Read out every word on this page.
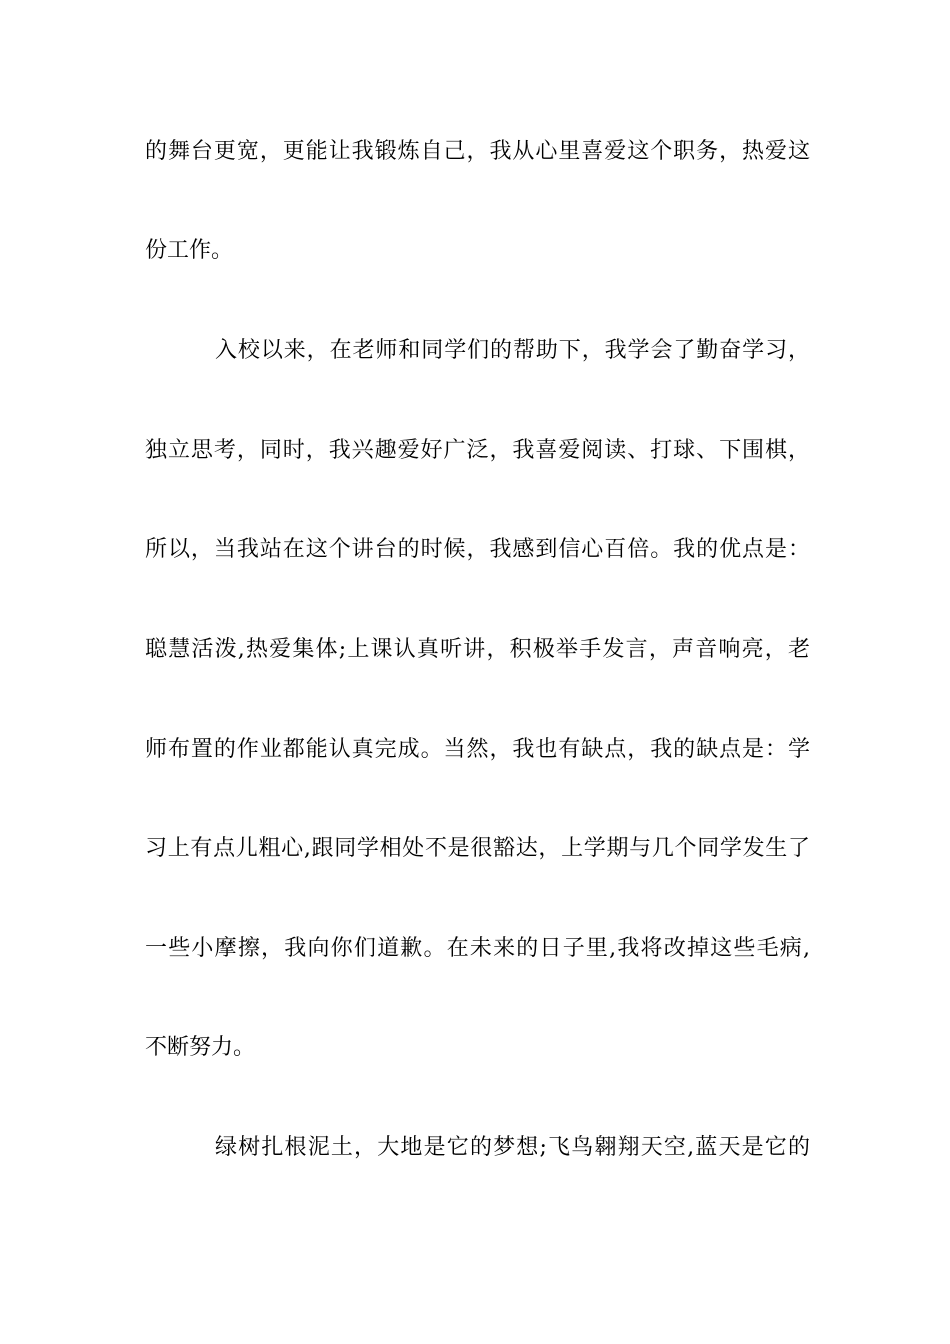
的舞台更宽，更能让我锻炼自己，我从心里喜爱这个职务，热爱这
份工作。
入校以来，在老师和同学们的帮助下，我学会了勤奋学习，
独立思考，同时，我兴趣爱好广泛，我喜爱阅读、打球、下围棋，
所以，当我站在这个讲台的时候，我感到信心百倍。我的优点是：
聪慧活泼,热爱集体;上课认真听讲，积极举手发言，声音响亮，老
师布置的作业都能认真完成。当然，我也有缺点，我的缺点是：学
习上有点儿粗心,跟同学相处不是很豁达，上学期与几个同学发生了
一些小摩擦，我向你们道歉。在未来的日子里,我将改掉这些毛病,
不断努力。
绿树扎根泥土，大地是它的梦想;飞鸟翱翔天空,蓝天是它的
